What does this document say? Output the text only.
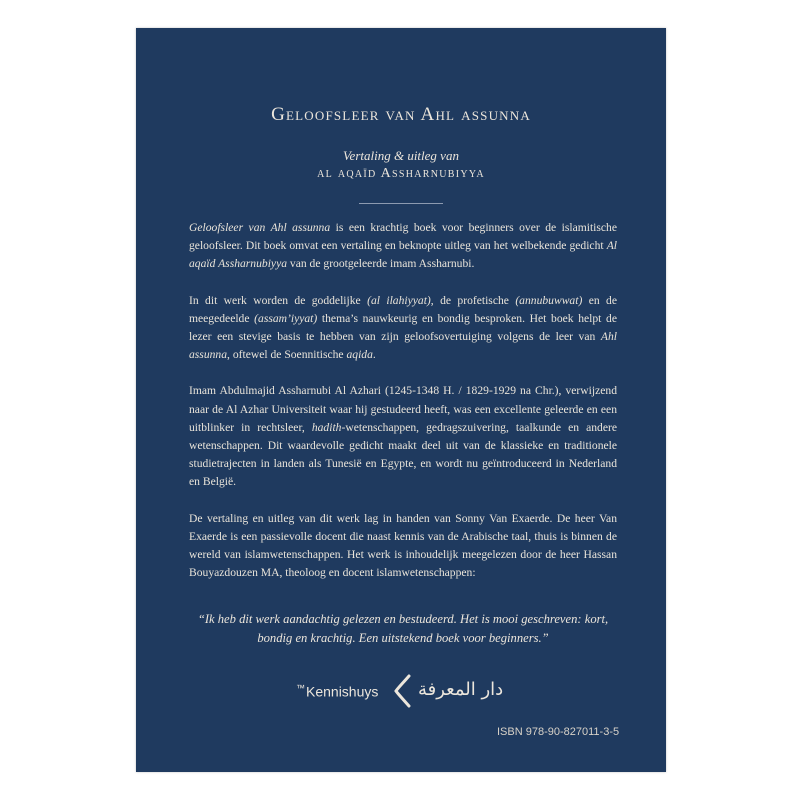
Geloofsleer van Ahl assunna
Vertaling & uitleg van
al aqaïd Assharnubiyya

Geloofsleer van Ahl assunna is een krachtig boek voor beginners over de islamitische geloofsleer. Dit boek omvat een vertaling en beknopte uitleg van het welbekende gedicht Al aqaïd Assharnubiyya van de grootgeleerde imam Assharnubi.

In dit werk worden de goddelijke (al ilahiyyat), de profetische (annubuwwat) en de meegedeelde (assam’iyyat) thema’s nauwkeurig en bondig besproken. Het boek helpt de lezer een stevige basis te hebben van zijn geloofsovertuiging volgens de leer van Ahl assunna, oftewel de Soennitische aqida.

Imam Abdulmajid Assharnubi Al Azhari (1245-1348 H. / 1829-1929 na Chr.), verwijzend naar de Al Azhar Universiteit waar hij gestudeerd heeft, was een excellente geleerde en een uitblinker in rechtsleer, hadith-wetenschappen, gedragszuivering, taalkunde en andere wetenschappen. Dit waardevolle gedicht maakt deel uit van de klassieke en traditionele studietrajecten in landen als Tunesië en Egypte, en wordt nu geïntroduceerd in Nederland en België.

De vertaling en uitleg van dit werk lag in handen van Sonny Van Exaerde. De heer Van Exaerde is een passievolle docent die naast kennis van de Arabische taal, thuis is binnen de wereld van islamwetenschappen. Het werk is inhoudelijk meegelezen door de heer Hassan Bouyazdouzen MA, theoloog en docent islamwetenschappen:

“Ik heb dit werk aandachtig gelezen en bestudeerd. Het is mooi geschreven: kort, bondig en krachtig. Een uitstekend boek voor beginners.”
™Kennishuys دار المعرفة
ISBN 978-90-827011-3-5
